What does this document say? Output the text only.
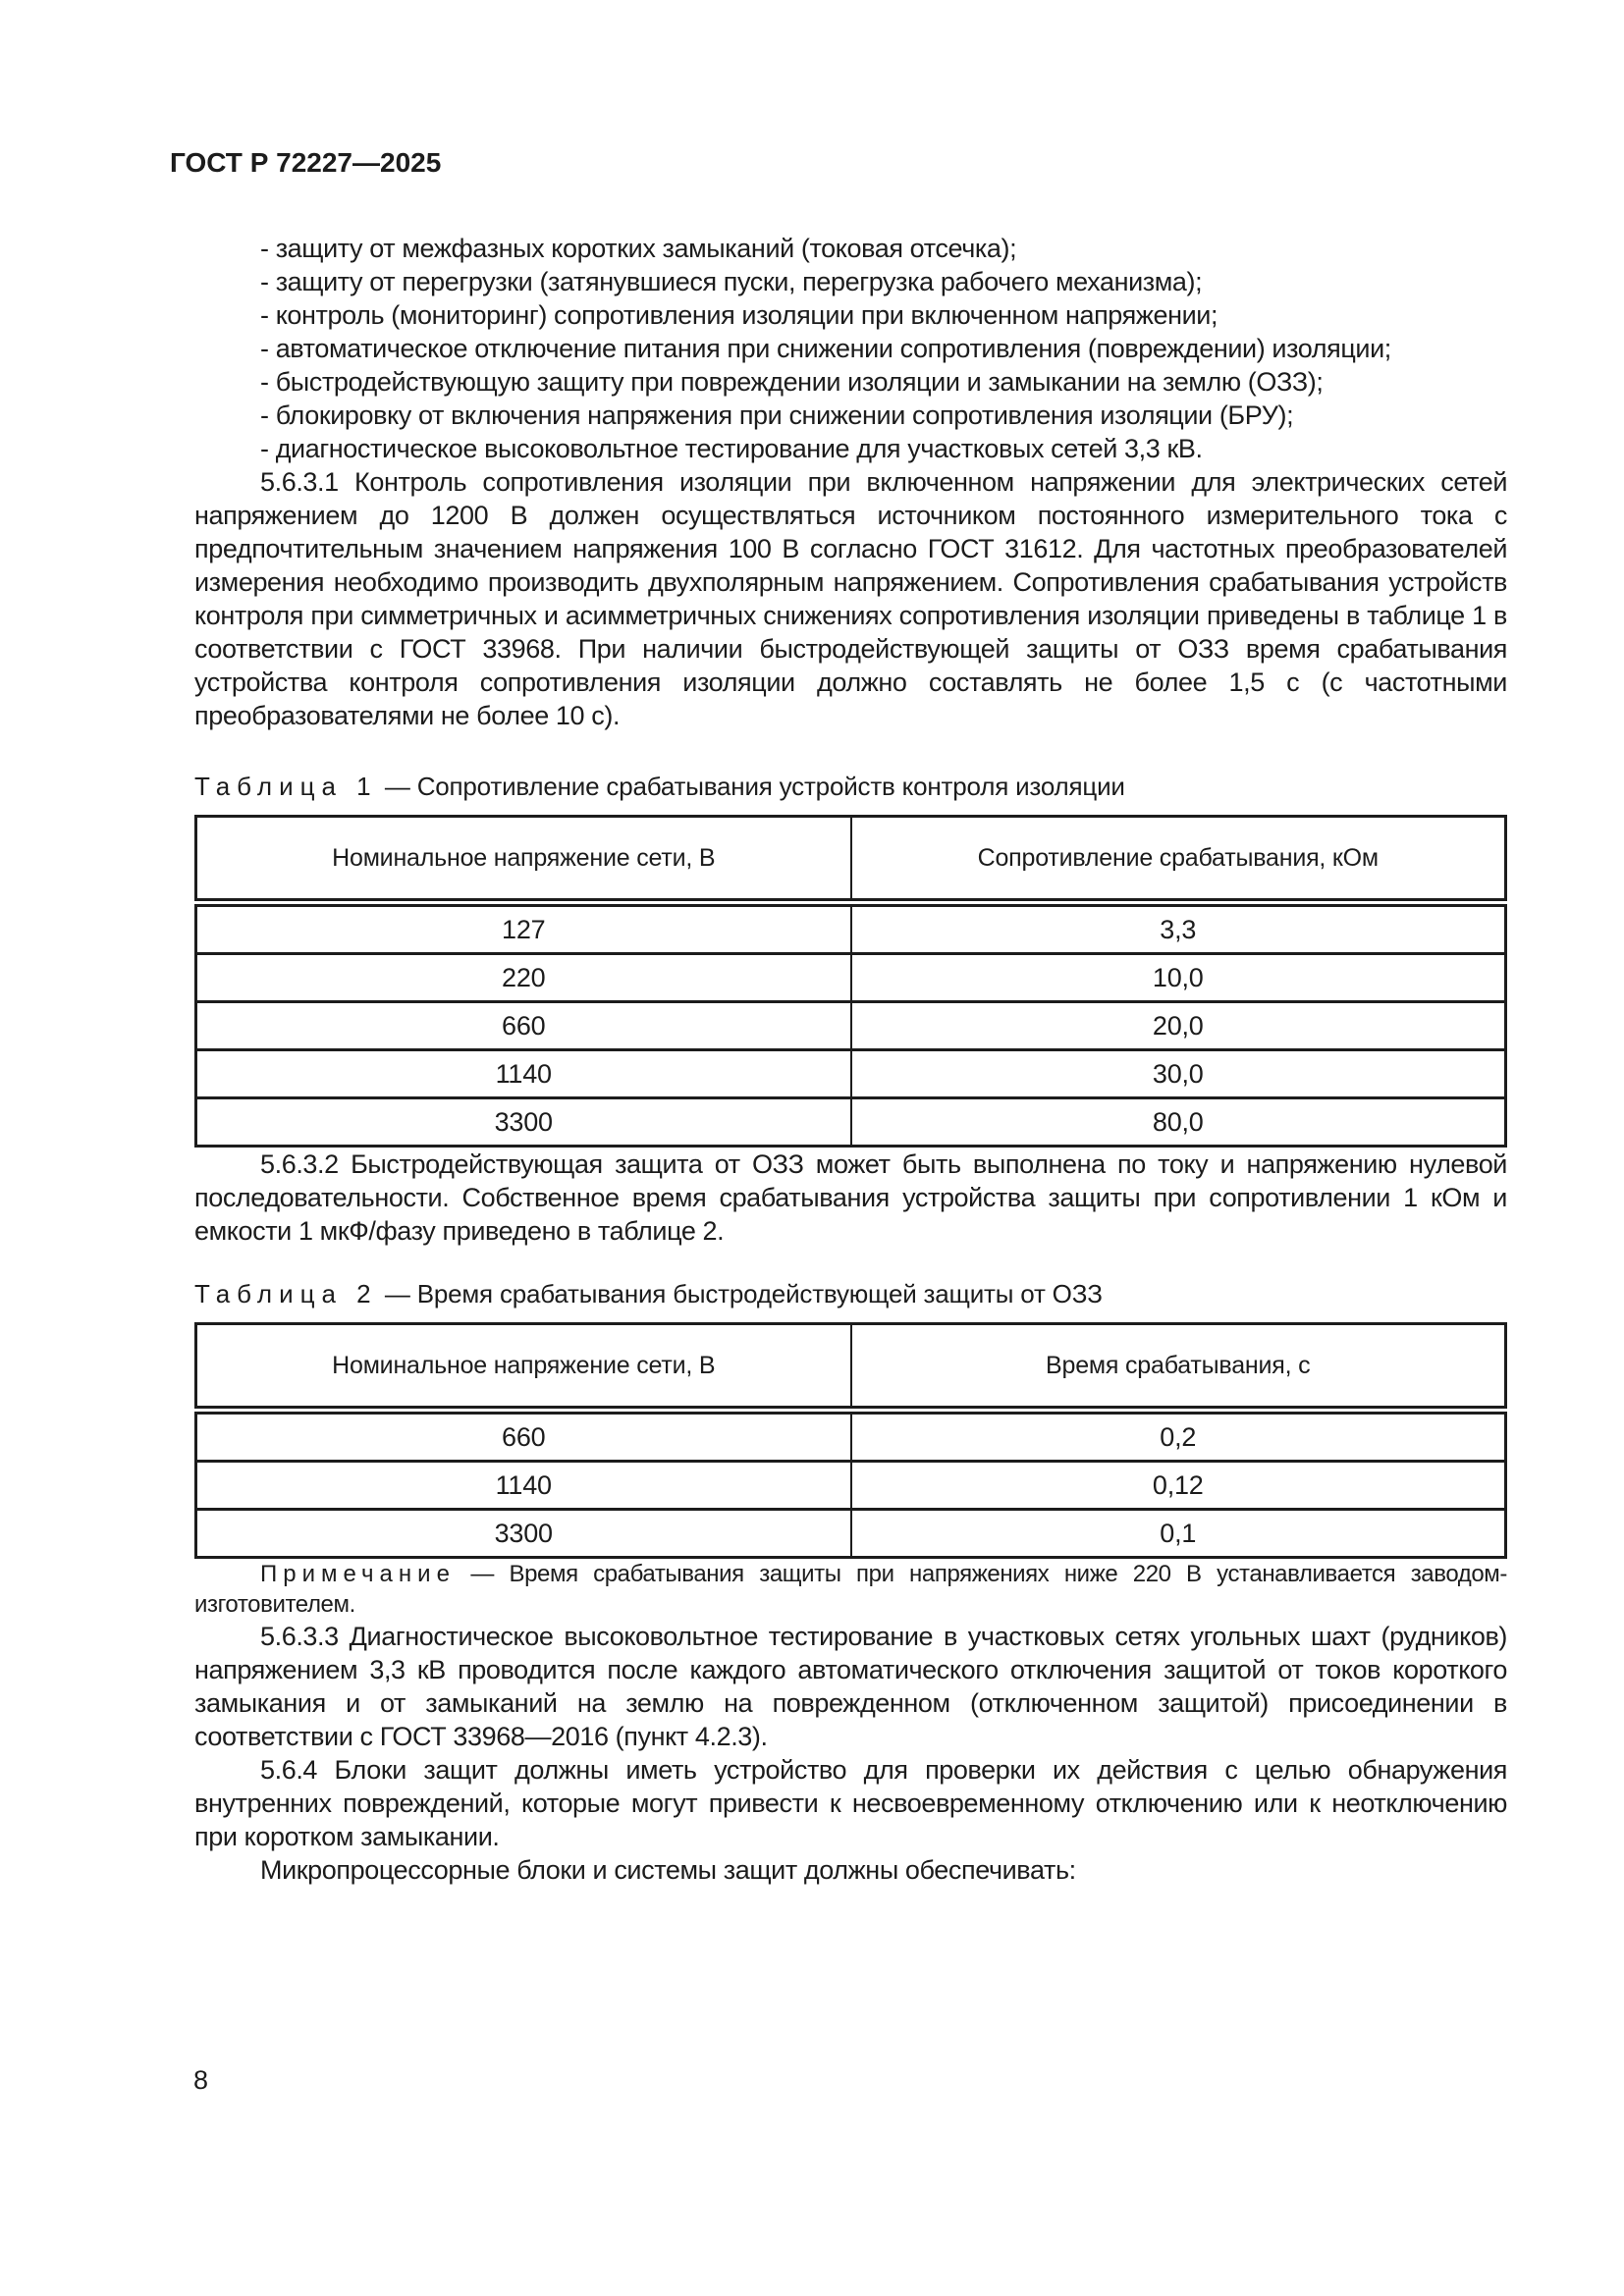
ГОСТ Р 72227—2025

- защиту от межфазных коротких замыканий (токовая отсечка);

- защиту от перегрузки (затянувшиеся пуски, перегрузка рабочего механизма);

- контроль (мониторинг) сопротивления изоляции при включенном напряжении;

- автоматическое отключение питания при снижении сопротивления (повреждении) изоляции;

- быстродействующую защиту при повреждении изоляции и замыкании на землю (ОЗЗ);

- блокировку от включения напряжения при снижении сопротивления изоляции (БРУ);

- диагностическое высоковольтное тестирование для участковых сетей 3,3 кВ.

5.6.3.1 Контроль сопротивления изоляции при включенном напряжении для электрических сетей напряжением до 1200 В должен осуществляться источником постоянного измерительного тока с предпочтительным значением напряжения 100 В согласно ГОСТ 31612. Для частотных преобразователей измерения необходимо производить двухполярным напряжением. Сопротивления срабатывания устройств контроля при симметричных и асимметричных снижениях сопротивления изоляции приведены в таблице 1 в соответствии с ГОСТ 33968. При наличии быстродействующей защиты от ОЗЗ время срабатывания устройства контроля сопротивления изоляции должно составлять не более 1,5 с (с частотными преобразователями не более 10 с).

Таблица 1 — Сопротивление срабатывания устройств контроля изоляции
Номинальное напряжение сети, В	Сопротивление срабатывания, кОм
127	3,3
220	10,0
660	20,0
1140	30,0
3300	80,0

5.6.3.2 Быстродействующая защита от ОЗЗ может быть выполнена по току и напряжению нулевой последовательности. Собственное время срабатывания устройства защиты при сопротивлении 1 кОм и емкости 1 мкФ/фазу приведено в таблице 2.

Таблица 2 — Время срабатывания быстродействующей защиты от ОЗЗ
Номинальное напряжение сети, В	Время срабатывания, с
660	0,2
1140	0,12
3300	0,1

Примечание — Время срабатывания защиты при напряжениях ниже 220 В устанавливается заводом-изготовителем.

5.6.3.3 Диагностическое высоковольтное тестирование в участковых сетях угольных шахт (рудников) напряжением 3,3 кВ проводится после каждого автоматического отключения защитой от токов короткого замыкания и от замыканий на землю на поврежденном (отключенном защитой) присоединении в соответствии с ГОСТ 33968—2016 (пункт 4.2.3).

5.6.4 Блоки защит должны иметь устройство для проверки их действия с целью обнаружения внутренних повреждений, которые могут привести к несвоевременному отключению или к неотключению при коротком замыкании.

Микропроцессорные блоки и системы защит должны обеспечивать:

8
